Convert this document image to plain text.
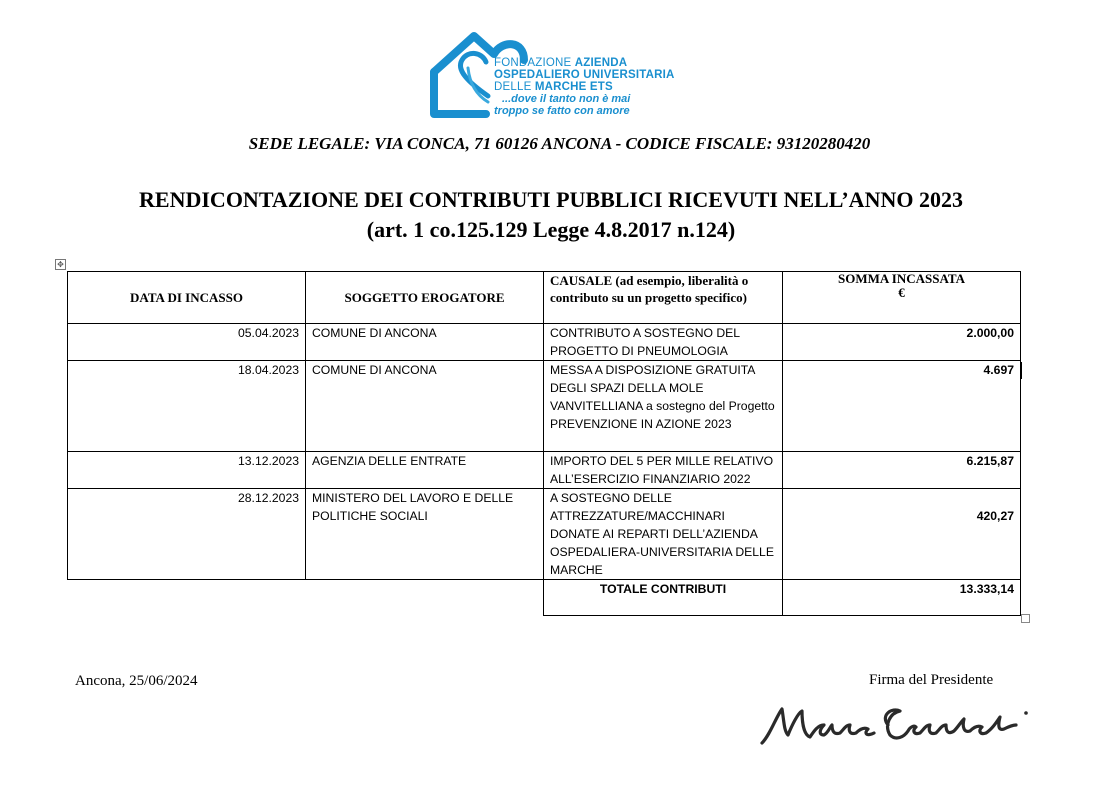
FONDAZIONE AZIENDA
OSPEDALIERO UNIVERSITARIA
DELLE MARCHE ETS
...dove il tanto non è mai
troppo se fatto con amore
SEDE LEGALE: VIA CONCA, 71 60126 ANCONA - CODICE FISCALE: 93120280420
RENDICONTAZIONE DEI CONTRIBUTI PUBBLICI RICEVUTI NELL’ANNO 2023
(art. 1 co.125.129 Legge 4.8.2017 n.124)
✥
DATA DI INCASSO	SOGGETTO EROGATORE	CAUSALE (ad esempio, liberalità o contributo su un progetto specifico)	SOMMA INCASSATA
€

05.04.2023	COMUNE DI ANCONA	CONTRIBUTO A SOSTEGNO DEL PROGETTO DI PNEUMOLOGIA	2.000,00
18.04.2023	COMUNE DI ANCONA	MESSA A DISPOSIZIONE GRATUITA DEGLI SPAZI DELLA MOLE VANVITELLIANA a sostegno del Progetto PREVENZIONE IN AZIONE 2023	4.697
13.12.2023	AGENZIA DELLE ENTRATE	IMPORTO DEL 5 PER MILLE RELATIVO ALL’ESERCIZIO FINANZIARIO 2022	6.215,87
28.12.2023	MINISTERO DEL LAVORO E DELLE POLITICHE SOCIALI	A SOSTEGNO DELLE ATTREZZATURE/MACCHINARI DONATE AI REPARTI DELL’AZIENDA OSPEDALIERA-UNIVERSITARIA DELLE MARCHE	420,27
		TOTALE CONTRIBUTI	13.333,14
Ancona, 25/06/2024	Firma del Presidente
